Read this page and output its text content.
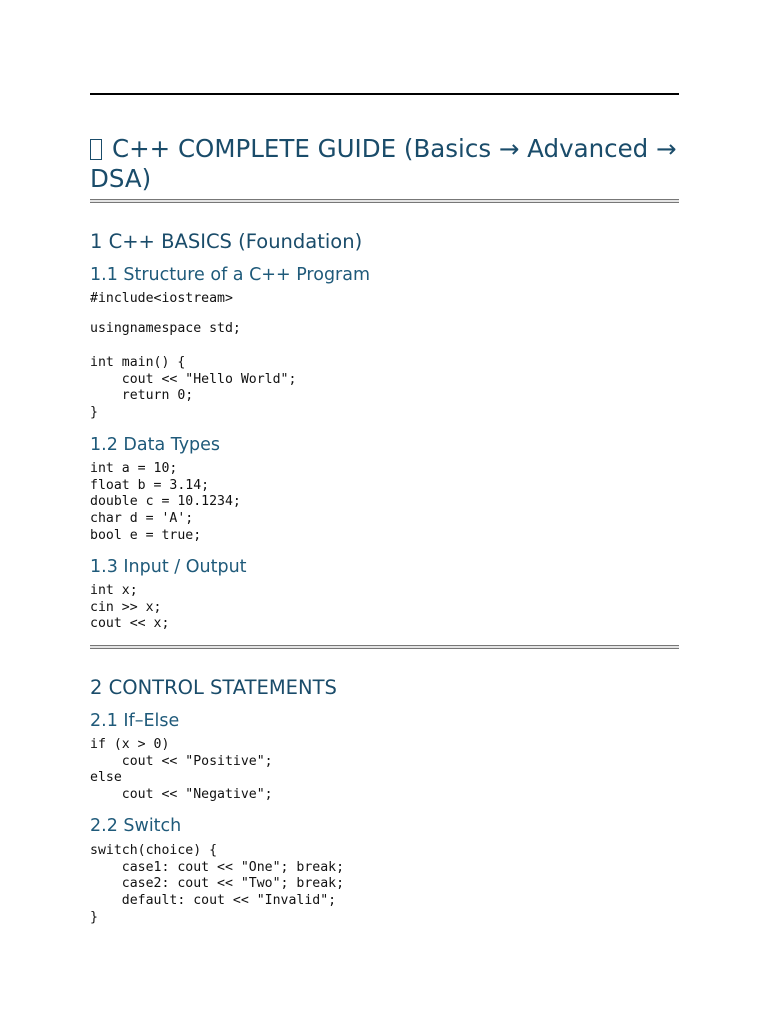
C++ COMPLETE GUIDE (Basics → Advanced → DSA)
1 C++ BASICS (Foundation)
1.1 Structure of a C++ Program
#include<iostream>
usingnamespace std;
int main() {
cout << "Hello World";
return 0;
}
1.2 Data Types
int a = 10;
float b = 3.14;
double c = 10.1234;
char d = 'A';
bool e = true;
1.3 Input / Output
int x;
cin >> x;
cout << x;
2 CONTROL STATEMENTS
2.1 If–Else
if (x > 0)
cout << "Positive";
else
cout << "Negative";
2.2 Switch
switch(choice) {
case1: cout << "One"; break;
case2: cout << "Two"; break;
default: cout << "Invalid";
}
